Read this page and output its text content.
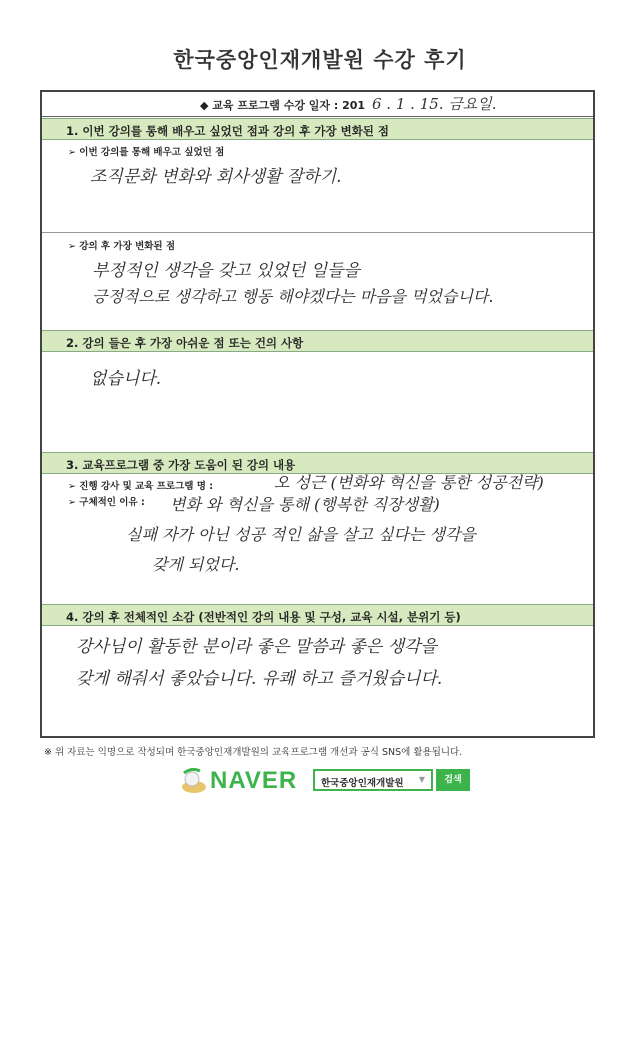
한국중앙인재개발원 수강 후기
◆ 교육 프로그램 수강 일자 : 201 6 . 1 . 15. 금요일.
1. 이번 강의를 통해 배우고 싶었던 점과 강의 후 가장 변화된 점
➢ 이번 강의를 통해 배우고 싶었던 점
조직문화 변화와 회사생활 잘하기.
➢ 강의 후 가장 변화된 점
부정적인 생각을 갖고 있었던 일들을
긍정적으로 생각하고 행동 해야겠다는 마음을 먹었습니다.
2. 강의 들은 후 가장 아쉬운 점 또는 건의 사항
없습니다.
3. 교육프로그램 중 가장 도움이 된 강의 내용
➢ 진행 강사 및 교육 프로그램 명 :	오 성근 (변화와 혁신을 통한 성공전략)
➢ 구체적인 이유 : 변화 와 혁신을 통해 (행복한 직장생활)
실패 자가 아닌 성공 적인 삶을 살고 싶다는 생각을
갖게 되었다.
4. 강의 후 전체적인 소감 (전반적인 강의 내용 및 구성, 교육 시설, 분위기 등)
강사님이 활동한 분이라 좋은 말씀과 좋은 생각을
갖게 해줘서 좋았습니다. 유쾌 하고 즐거웠습니다.
※ 위 자료는 익명으로 작성되며 한국중앙인재개발원의 교육프로그램 개선과 공식 SNS에 활용됩니다.
NAVER	한국중앙인재개발원 ▼	검색
